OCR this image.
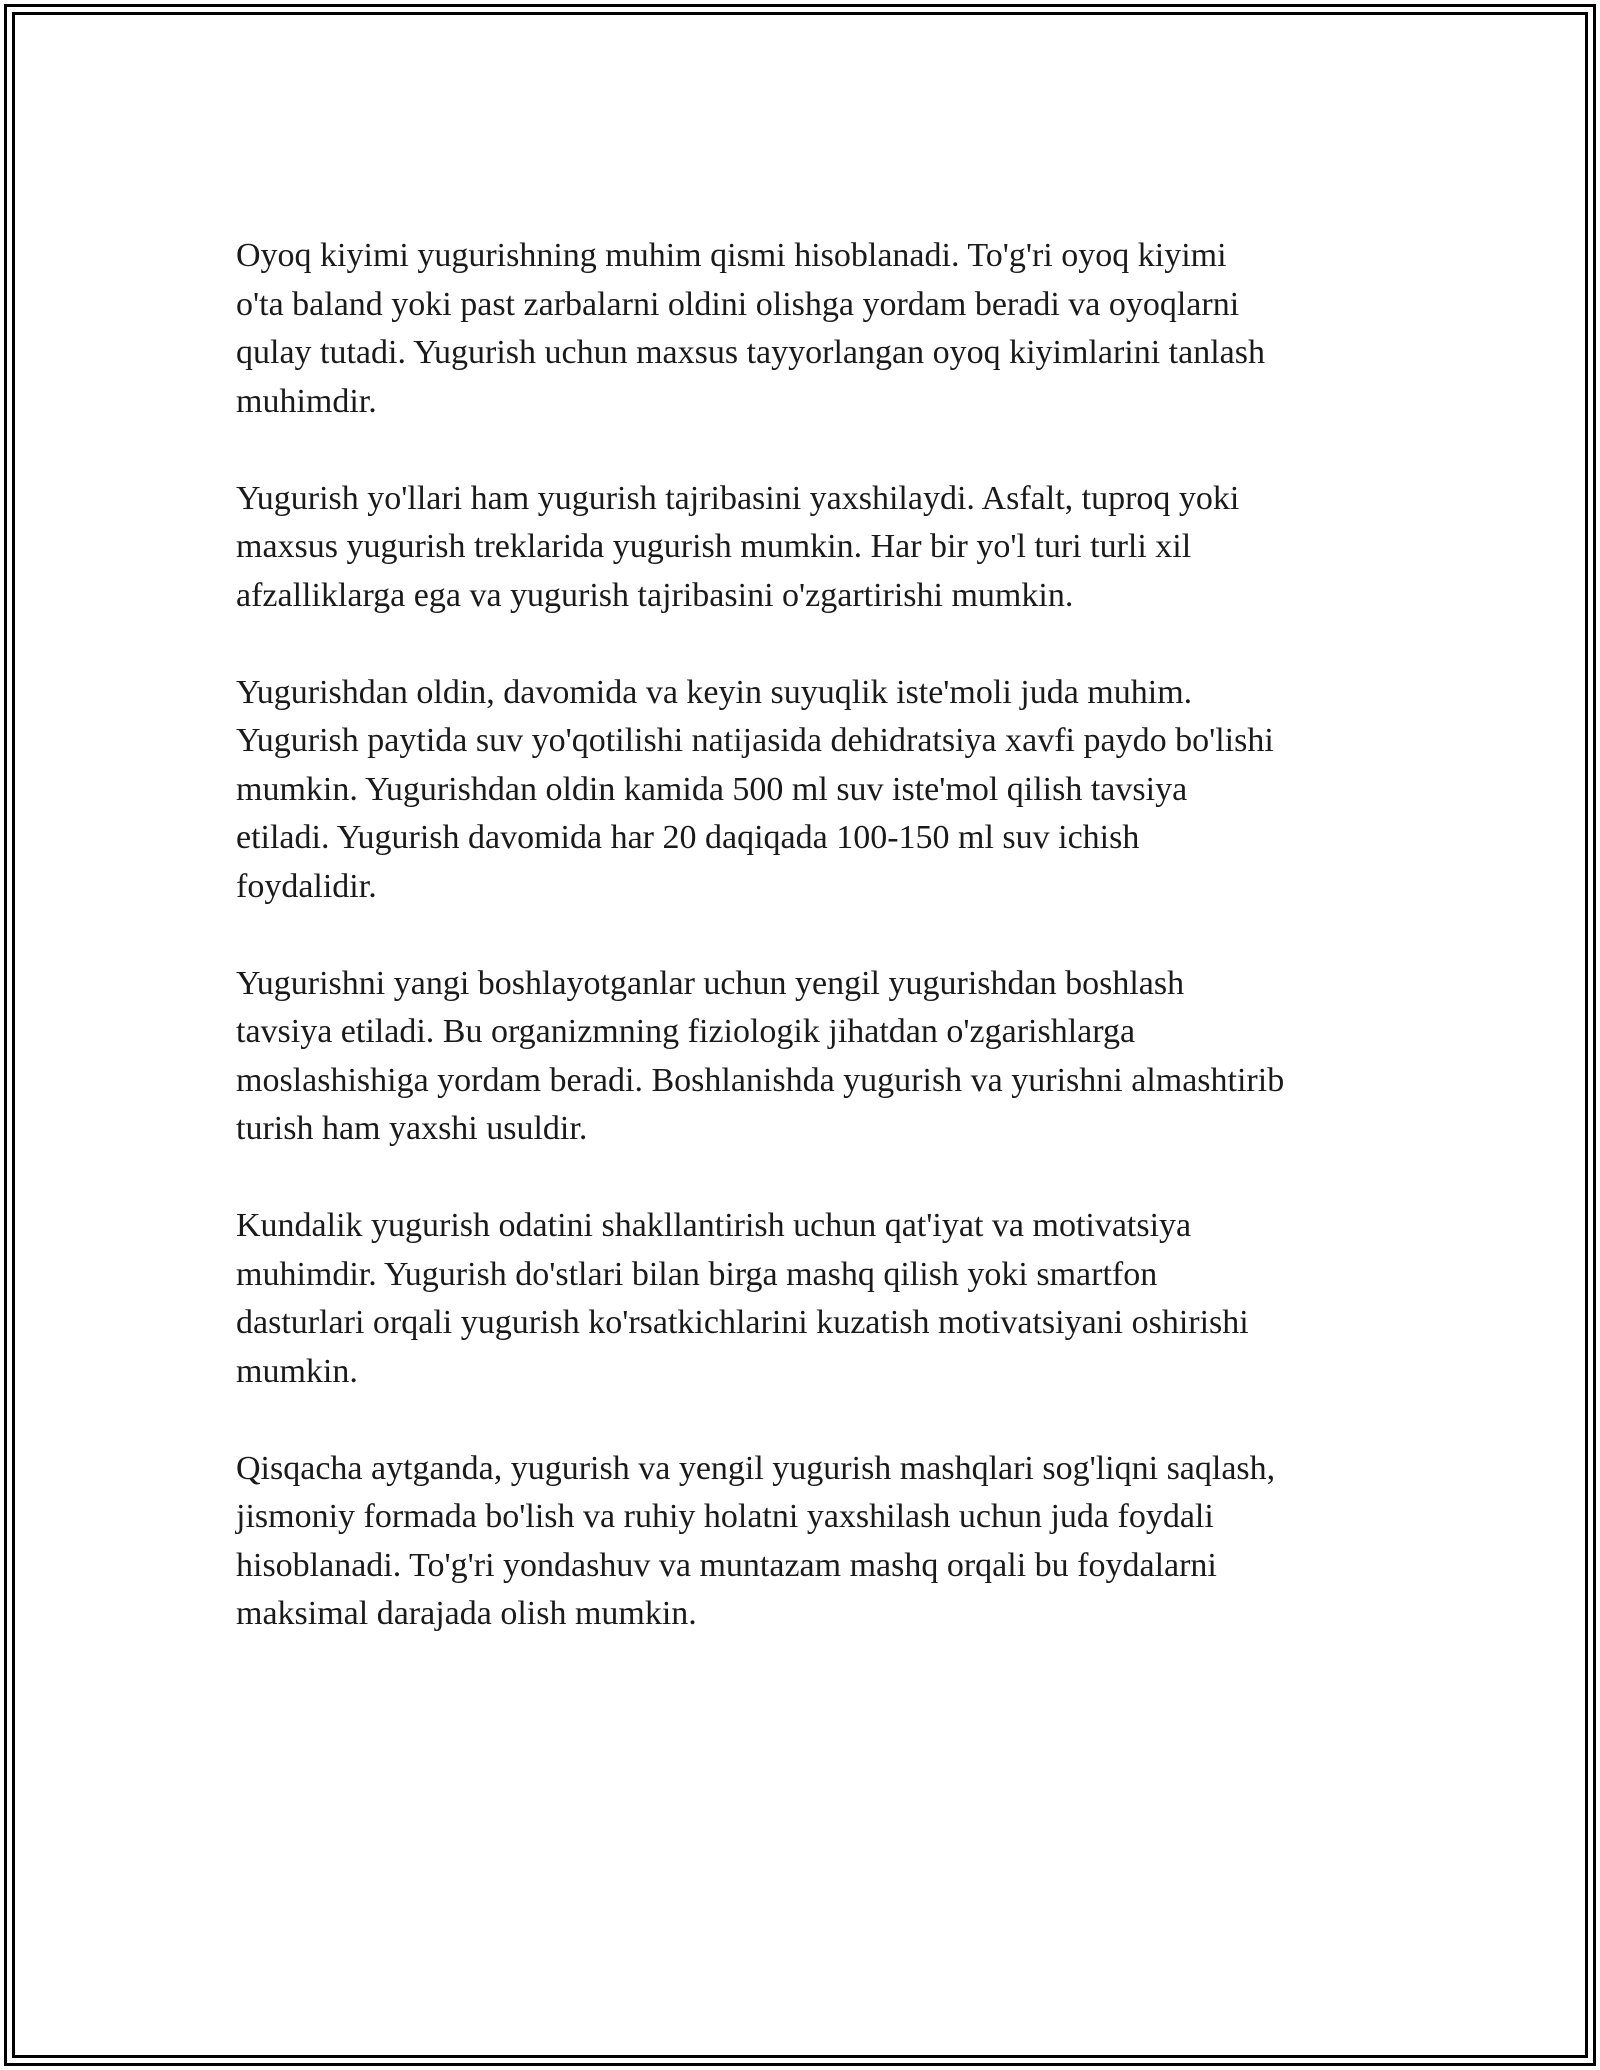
Oyoq kiyimi yugurishning muhim qismi hisoblanadi. To'g'ri oyoq kiyimi
o'ta baland yoki past zarbalarni oldini olishga yordam beradi va oyoqlarni
qulay tutadi. Yugurish uchun maxsus tayyorlangan oyoq kiyimlarini tanlash
muhimdir.

Yugurish yo'llari ham yugurish tajribasini yaxshilaydi. Asfalt, tuproq yoki
maxsus yugurish treklarida yugurish mumkin. Har bir yo'l turi turli xil
afzalliklarga ega va yugurish tajribasini o'zgartirishi mumkin.

Yugurishdan oldin, davomida va keyin suyuqlik iste'moli juda muhim.
Yugurish paytida suv yo'qotilishi natijasida dehidratsiya xavfi paydo bo'lishi
mumkin. Yugurishdan oldin kamida 500 ml suv iste'mol qilish tavsiya
etiladi. Yugurish davomida har 20 daqiqada 100-150 ml suv ichish
foydalidir.

Yugurishni yangi boshlayotganlar uchun yengil yugurishdan boshlash
tavsiya etiladi. Bu organizmning fiziologik jihatdan o'zgarishlarga
moslashishiga yordam beradi. Boshlanishda yugurish va yurishni almashtirib
turish ham yaxshi usuldir.

Kundalik yugurish odatini shakllantirish uchun qat'iyat va motivatsiya
muhimdir. Yugurish do'stlari bilan birga mashq qilish yoki smartfon
dasturlari orqali yugurish ko'rsatkichlarini kuzatish motivatsiyani oshirishi
mumkin.

Qisqacha aytganda, yugurish va yengil yugurish mashqlari sog'liqni saqlash,
jismoniy formada bo'lish va ruhiy holatni yaxshilash uchun juda foydali
hisoblanadi. To'g'ri yondashuv va muntazam mashq orqali bu foydalarni
maksimal darajada olish mumkin.
